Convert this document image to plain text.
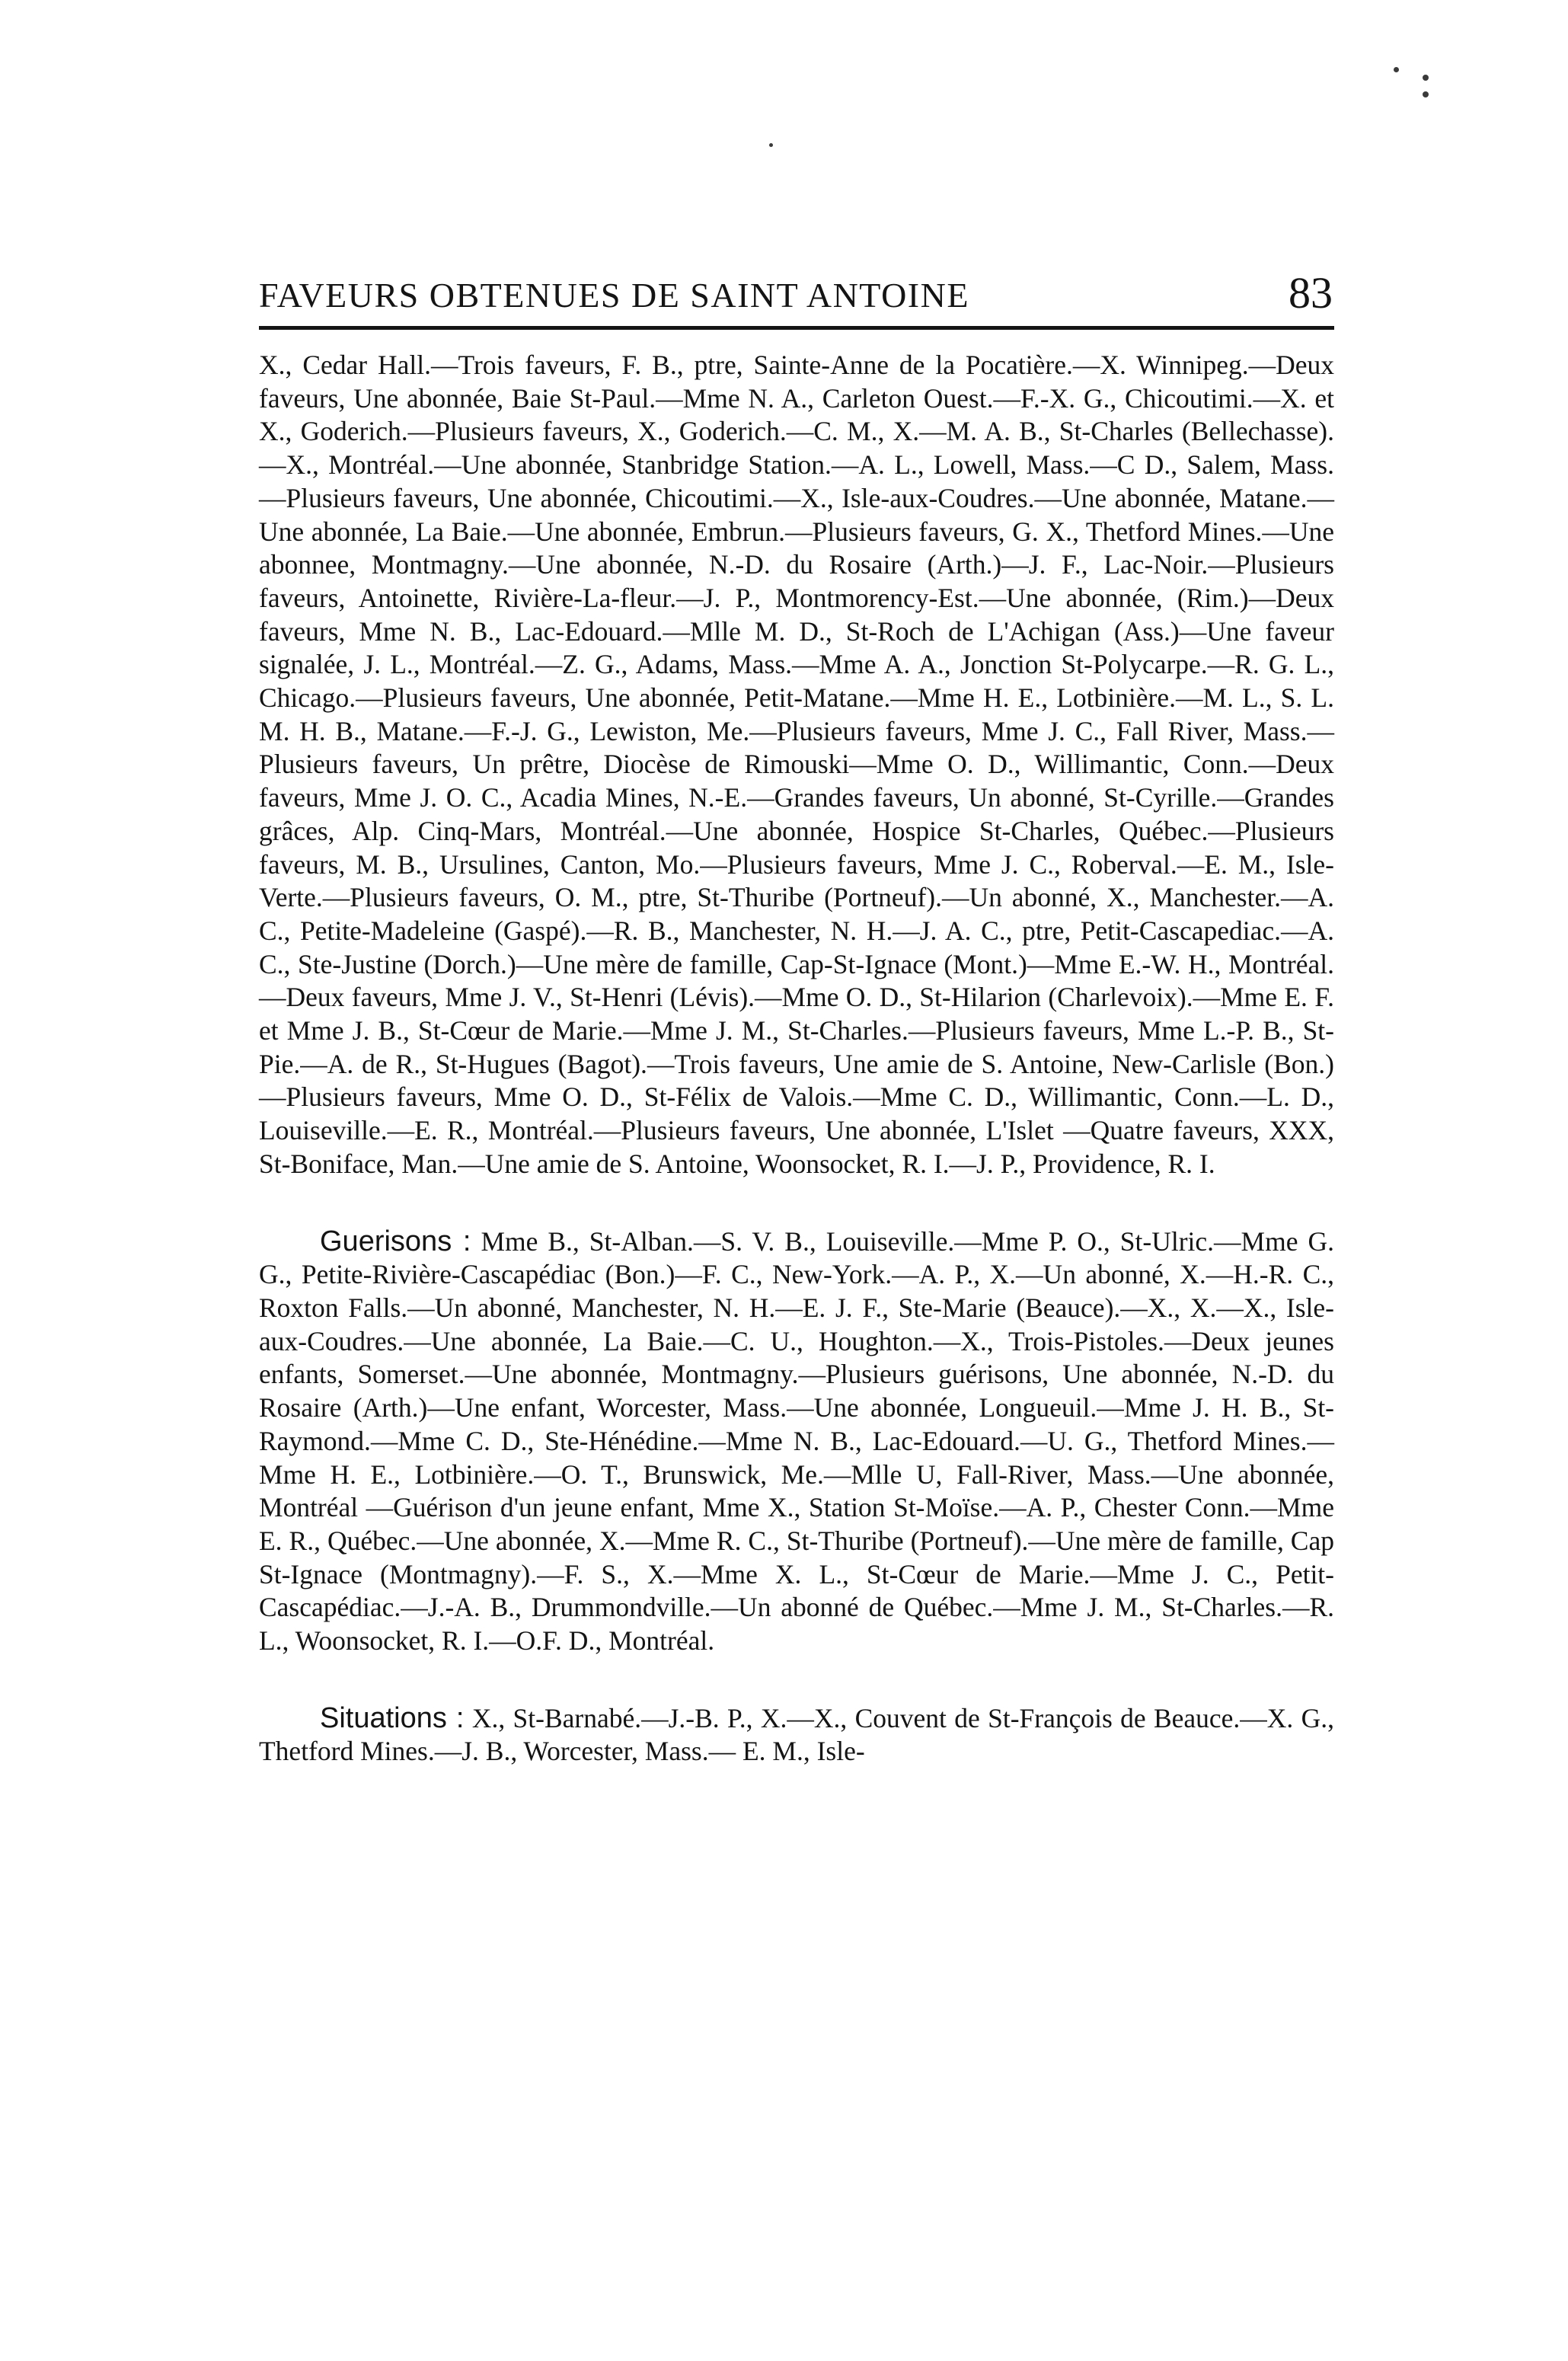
FAVEURS OBTENUES DE SAINT ANTOINE	83

X., Cedar Hall.—Trois faveurs, F. B., ptre, Sainte-Anne de la Pocatière.—X. Winnipeg.—Deux faveurs, Une abonnée, Baie St-Paul.—Mme N. A., Carleton Ouest.—F.-X. G., Chicoutimi.—X. et X., Goderich.—Plusieurs faveurs, X., Goderich.—C. M., X.—M. A. B., St-Charles (Bellechasse).—X., Montréal.—Une abonnée, Stanbridge Station.—A. L., Lowell, Mass.—C D., Salem, Mass.—Plusieurs faveurs, Une abonnée, Chicoutimi.—X., Isle-aux-Coudres.—Une abonnée, Matane.—Une abonnée, La Baie.—Une abonnée, Embrun.—Plusieurs faveurs, G. X., Thetford Mines.—Une abonnee, Montmagny.—Une abonnée, N.-D. du Rosaire (Arth.)—J. F., Lac-Noir.—Plusieurs faveurs, Antoinette, Rivière-La-fleur.—J. P., Montmorency-Est.—Une abonnée, (Rim.)—Deux faveurs, Mme N. B., Lac-Edouard.—Mlle M. D., St-Roch de L'Achigan (Ass.)—Une faveur signalée, J. L., Montréal.—Z. G., Adams, Mass.—Mme A. A., Jonction St-Polycarpe.—R. G. L., Chicago.—Plusieurs faveurs, Une abonnée, Petit-Matane.—Mme H. E., Lotbinière.—M. L., S. L. M. H. B., Matane.—F.-J. G., Lewiston, Me.—Plusieurs faveurs, Mme J. C., Fall River, Mass.—Plusieurs faveurs, Un prêtre, Diocèse de Rimouski—Mme O. D., Willimantic, Conn.—Deux faveurs, Mme J. O. C., Acadia Mines, N.-E.—Grandes faveurs, Un abonné, St-Cyrille.—Grandes grâces, Alp. Cinq-Mars, Montréal.—Une abonnée, Hospice St-Charles, Québec.—Plusieurs faveurs, M. B., Ursulines, Canton, Mo.—Plusieurs faveurs, Mme J. C., Roberval.—E. M., Isle-Verte.—Plusieurs faveurs, O. M., ptre, St-Thuribe (Portneuf).—Un abonné, X., Manchester.—A. C., Petite-Madeleine (Gaspé).—R. B., Manchester, N. H.—J. A. C., ptre, Petit-Cascapediac.—A. C., Ste-Justine (Dorch.)—Une mère de famille, Cap-St-Ignace (Mont.)—Mme E.-W. H., Montréal.—Deux faveurs, Mme J. V., St-Henri (Lévis).—Mme O. D., St-Hilarion (Charlevoix).—Mme E. F. et Mme J. B., St-Cœur de Marie.—Mme J. M., St-Charles.—Plusieurs faveurs, Mme L.-P. B., St-Pie.—A. de R., St-Hugues (Bagot).—Trois faveurs, Une amie de S. Antoine, New-Carlisle (Bon.)—Plusieurs faveurs, Mme O. D., St-Félix de Valois.—Mme C. D., Willimantic, Conn.—L. D., Louiseville.—E. R., Montréal.—Plusieurs faveurs, Une abonnée, L'Islet —Quatre faveurs, XXX, St-Boniface, Man.—Une amie de S. Antoine, Woonsocket, R. I.—J. P., Providence, R. I.

Guerisons : Mme B., St-Alban.—S. V. B., Louiseville.—Mme P. O., St-Ulric.—Mme G. G., Petite-Rivière-Cascapédiac (Bon.)—F. C., New-York.—A. P., X.—Un abonné, X.—H.-R. C., Roxton Falls.—Un abonné, Manchester, N. H.—E. J. F., Ste-Marie (Beauce).—X., X.—X., Isle-aux-Coudres.—Une abonnée, La Baie.—C. U., Houghton.—X., Trois-Pistoles.—Deux jeunes enfants, Somerset.—Une abonnée, Montmagny.—Plusieurs guérisons, Une abonnée, N.-D. du Rosaire (Arth.)—Une enfant, Worcester, Mass.—Une abonnée, Longueuil.—Mme J. H. B., St-Raymond.—Mme C. D., Ste-Hénédine.—Mme N. B., Lac-Edouard.—U. G., Thetford Mines.—Mme H. E., Lotbinière.—O. T., Brunswick, Me.—Mlle U, Fall-River, Mass.—Une abonnée, Montréal —Guérison d'un jeune enfant, Mme X., Station St-Moïse.—A. P., Chester Conn.—Mme E. R., Québec.—Une abonnée, X.—Mme R. C., St-Thuribe (Portneuf).—Une mère de famille, Cap St-Ignace (Montmagny).—F. S., X.—Mme X. L., St-Cœur de Marie.—Mme J. C., Petit-Cascapédiac.—J.-A. B., Drummondville.—Un abonné de Québec.—Mme J. M., St-Charles.—R. L., Woonsocket, R. I.—O.F. D., Montréal.

Situations : X., St-Barnabé.—J.-B. P., X.—X., Couvent de St-François de Beauce.—X. G., Thetford Mines.—J. B., Worcester, Mass.— E. M., Isle-
